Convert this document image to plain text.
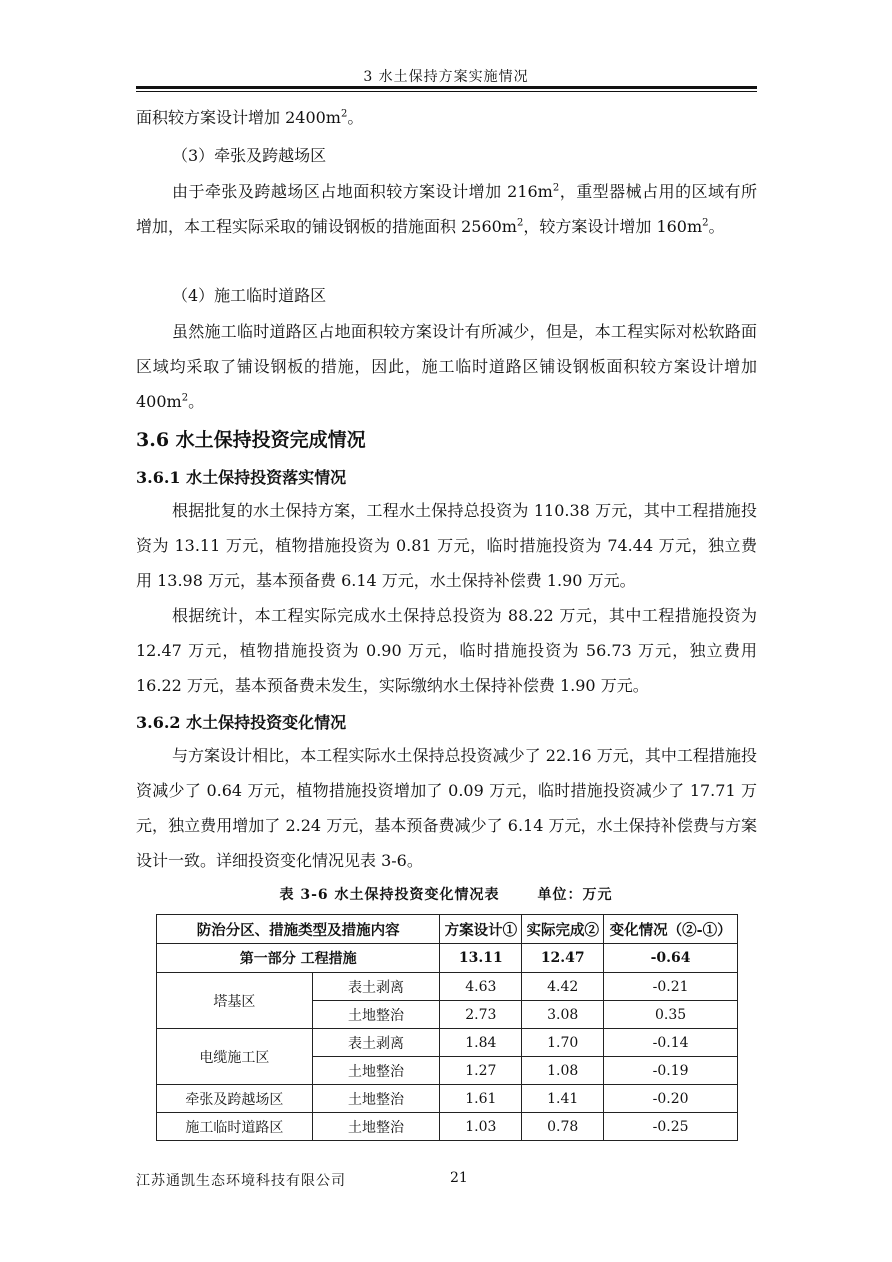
3 水土保持方案实施情况

面积较方案设计增加 $2400m^2$。

（3）牵张及跨越场区

由于牵张及跨越场区占地面积较方案设计增加 $216m^2$，重型器械占用的区域有所增加，本工程实际采取的铺设钢板的措施面积 $2560m^2$，较方案设计增加 $160m^2$。

（4）施工临时道路区

虽然施工临时道路区占地面积较方案设计有所减少，但是，本工程实际对松软路面区域均采取了铺设钢板的措施，因此，施工临时道路区铺设钢板面积较方案设计增加 $400m^2$。

3.6 水土保持投资完成情况
3.6.1 水土保持投资落实情况

根据批复的水土保持方案，工程水土保持总投资为 110.38 万元，其中工程措施投资为 13.11 万元，植物措施投资为 0.81 万元，临时措施投资为 74.44 万元，独立费用 13.98 万元，基本预备费 6.14 万元，水土保持补偿费 1.90 万元。

根据统计，本工程实际完成水土保持总投资为 88.22 万元，其中工程措施投资为 12.47 万元，植物措施投资为 0.90 万元，临时措施投资为 56.73 万元，独立费用 16.22 万元，基本预备费未发生，实际缴纳水土保持补偿费 1.90 万元。

3.6.2 水土保持投资变化情况

与方案设计相比，本工程实际水土保持总投资减少了 22.16 万元，其中工程措施投资减少了 0.64 万元，植物措施投资增加了 0.09 万元，临时措施投资减少了 17.71 万元，独立费用增加了 2.24 万元，基本预备费减少了 6.14 万元，水土保持补偿费与方案设计一致。详细投资变化情况见表 3-6。

表 3-6 水土保持投资变化情况表	单位：万元
防治分区、措施类型及措施内容		方案设计①	实际完成②	变化情况（②-①）
第一部分 工程措施		13.11	12.47	-0.64
塔基区	表土剥离	4.63	4.42	-0.21
	土地整治	2.73	3.08	0.35
电缆施工区	表土剥离	1.84	1.70	-0.14
	土地整治	1.27	1.08	-0.19
牵张及跨越场区	土地整治	1.61	1.41	-0.20
施工临时道路区	土地整治	1.03	0.78	-0.25
江苏通凯生态环境科技有限公司	21
